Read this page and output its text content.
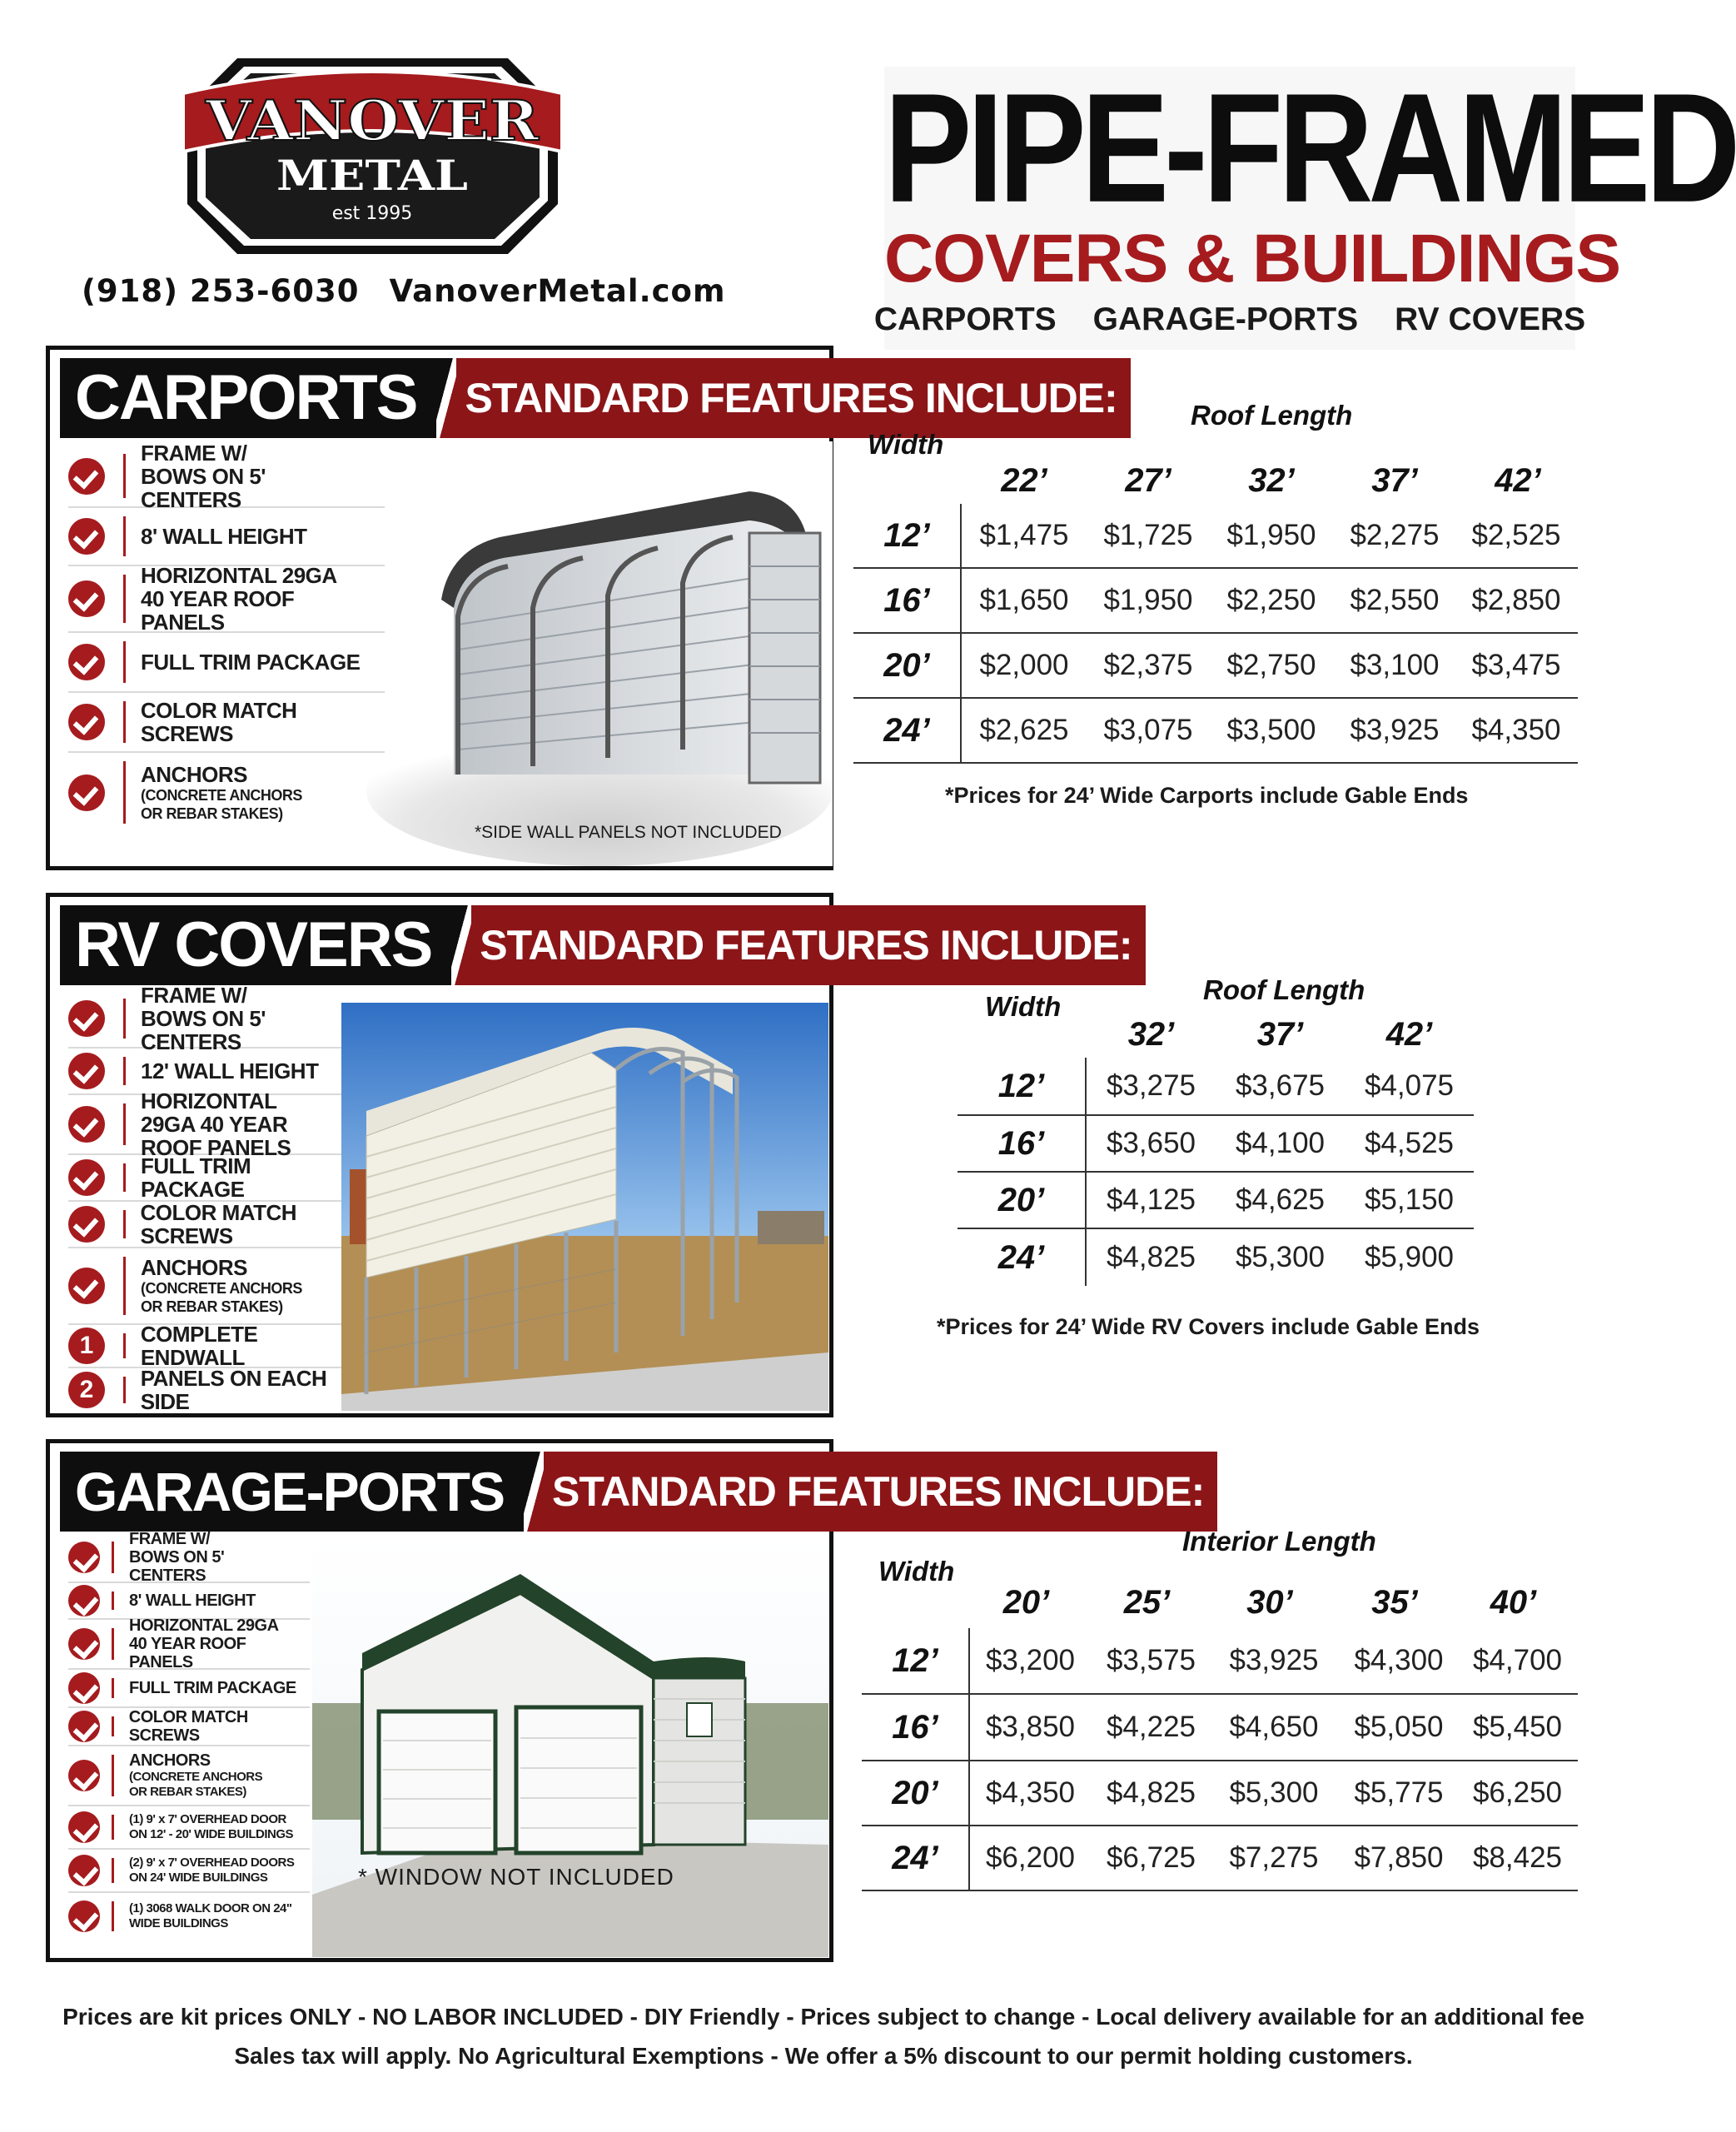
VANOVER
METAL
est 1995
(918) 253-6030 VanoverMetal.com
PIPE-FRAMED
COVERS & BUILDINGS
CARPORTS GARAGE-PORTS RV COVERS
CARPORTS	STANDARD FEATURES INCLUDE:
FRAME W/ BOWS ON 5' CENTERS
8' WALL HEIGHT
HORIZONTAL 29GA 40 YEAR ROOF PANELS
FULL TRIM PACKAGE
COLOR MATCH SCREWS
ANCHORS
(CONCRETE ANCHORS OR REBAR STAKES)
*SIDE WALL PANELS NOT INCLUDED
Roof Length
Width
22’	27’	32’	37’	42’
12’	$1,475	$1,725	$1,950	$2,275	$2,525
16’	$1,650	$1,950	$2,250	$2,550	$2,850
20’	$2,000	$2,375	$2,750	$3,100	$3,475
24’	$2,625	$3,075	$3,500	$3,925	$4,350
*Prices for 24’ Wide Carports include Gable Ends
RV COVERS	STANDARD FEATURES INCLUDE:
FRAME W/ BOWS ON 5' CENTERS
12' WALL HEIGHT
HORIZONTAL 29GA 40 YEAR ROOF PANELS
FULL TRIM PACKAGE
COLOR MATCH SCREWS
ANCHORS
(CONCRETE ANCHORS OR REBAR STAKES)
1	COMPLETE ENDWALL
2	PANELS ON EACH SIDE
Roof Length
Width
32’	37’	42’
12’	$3,275	$3,675	$4,075
16’	$3,650	$4,100	$4,525
20’	$4,125	$4,625	$5,150
24’	$4,825	$5,300	$5,900
*Prices for 24’ Wide RV Covers include Gable Ends
GARAGE-PORTS	STANDARD FEATURES INCLUDE:
FRAME W/ BOWS ON 5' CENTERS
8' WALL HEIGHT
HORIZONTAL 29GA 40 YEAR ROOF PANELS
FULL TRIM PACKAGE
COLOR MATCH SCREWS
ANCHORS
(CONCRETE ANCHORS OR REBAR STAKES)
(1) 9' x 7' OVERHEAD DOOR ON 12' - 20' WIDE BUILDINGS
(2) 9' x 7' OVERHEAD DOORS ON 24' WIDE BUILDINGS
(1) 3068 WALK DOOR ON 24" WIDE BUILDINGS
* WINDOW NOT INCLUDED
Interior Length
Width
20’	25’	30’	35’	40’
12’	$3,200	$3,575	$3,925	$4,300	$4,700
16’	$3,850	$4,225	$4,650	$5,050	$5,450
20’	$4,350	$4,825	$5,300	$5,775	$6,250
24’	$6,200	$6,725	$7,275	$7,850	$8,425
Prices are kit prices ONLY - NO LABOR INCLUDED - DIY Friendly - Prices subject to change - Local delivery available for an additional fee
Sales tax will apply. No Agricultural Exemptions - We offer a 5% discount to our permit holding customers.
